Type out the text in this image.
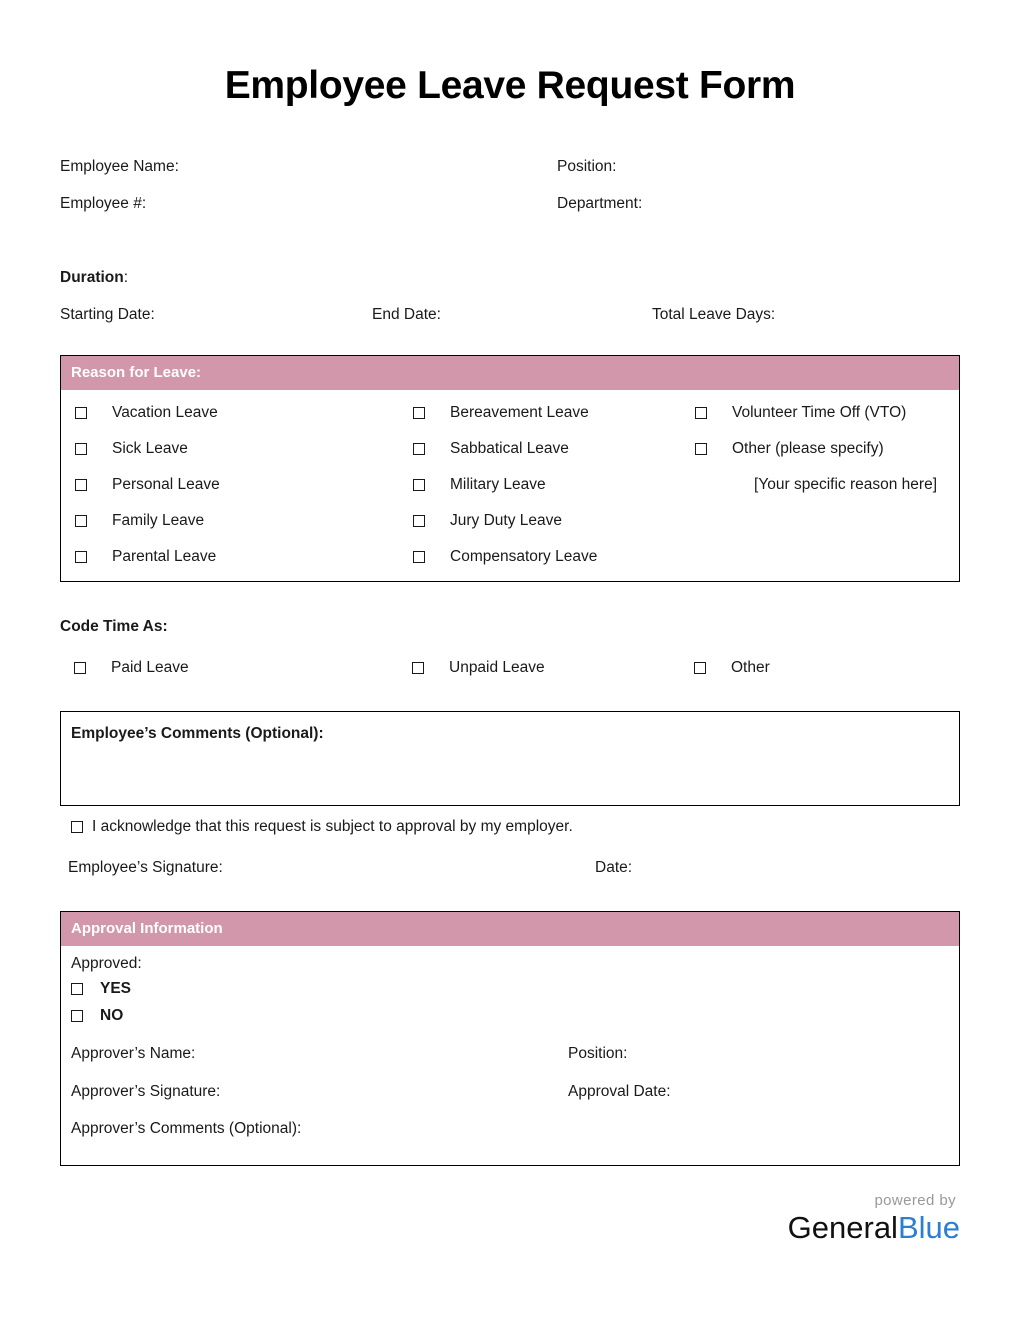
Employee Leave Request Form
Employee Name:	Position:
Employee #:	Department:
Duration:
Starting Date:	End Date:	Total Leave Days:
Reason for Leave:
Vacation Leave	Bereavement Leave	Volunteer Time Off (VTO)
Sick Leave	Sabbatical Leave	Other (please specify)
Personal Leave	Military Leave	[Your specific reason here]
Family Leave	Jury Duty Leave
Parental Leave	Compensatory Leave
Code Time As:
Paid Leave	Unpaid Leave	Other
Employee’s Comments (Optional):
I acknowledge that this request is subject to approval by my employer.
Employee’s Signature:	Date:
Approval Information
Approved:
YES
NO
Approver’s Name:	Position:
Approver’s Signature:	Approval Date:
Approver’s Comments (Optional):
powered by
GeneralBlue
